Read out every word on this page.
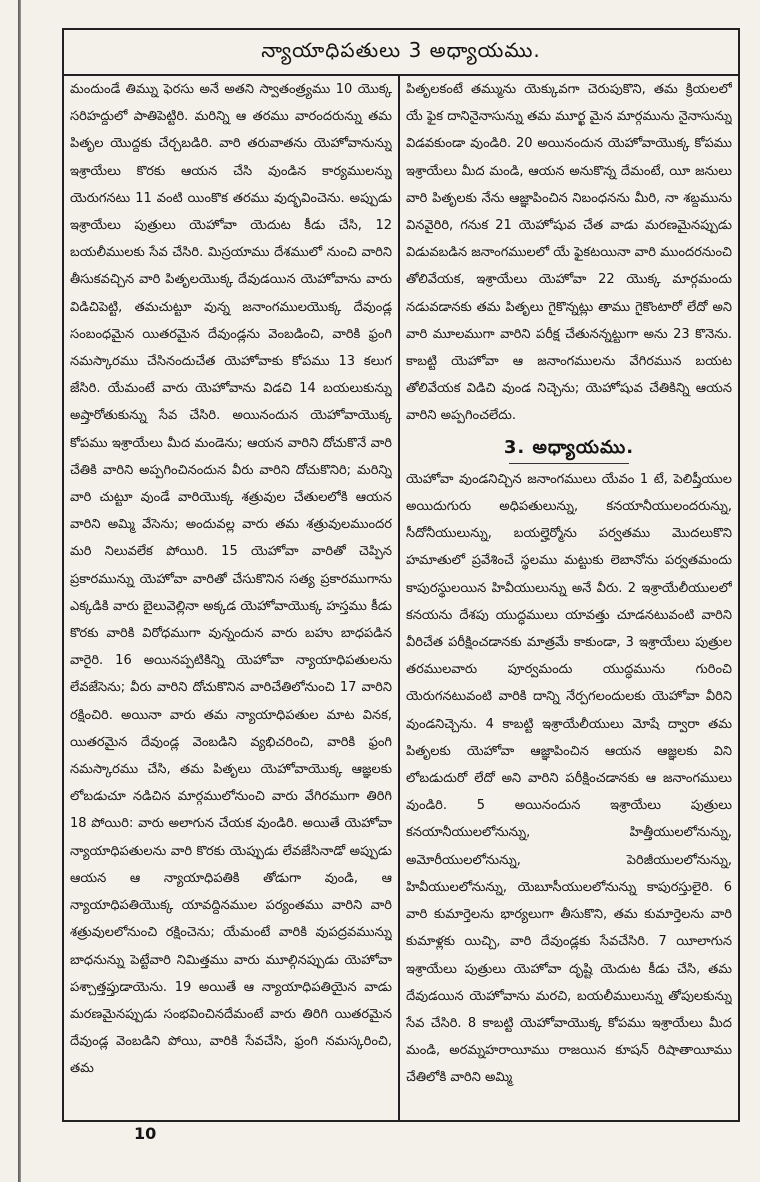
న్యాయాధిపతులు 3 అధ్యాయము.

మందుండే తిమ్ను ఫెరసు అనే అతని స్వాతంత్ర్యము 10 యొక్క సరిహద్దులో పాతిపెట్టిరి. మరిన్ని ఆ తరము వారందరున్ను తమ పితృల యొద్దకు చేర్చబడిరి. వారి తరువాతను యెహోవానున్ను ఇశ్రాయేలు కొరకు ఆయన చేసి వుండిన కార్యములన్ను యెరుగనటు 11 వంటి యింకొక తరము వుద్భవించెను. అప్పుడు ఇశ్రాయేలు పుత్రులు యెహోవా యెదుట కీడు చేసి, 12 బయలీములకు సేవ చేసిరి. మిస్రయాము దేశములో నుంచి వారిని తీసుకవచ్చిన వారి పితృలయొక్క దేవుడయిన యెహోవాను వారు విడిచిపెట్టి, తమచుట్టూ వున్న జనాంగములయొక్క దేవుండ్ల సంబంధమైన యితరమైన దేవుండ్లను వెంబడించి, వారికి ఫ్రంగి నమస్కారము చేసినందుచేత యెహోవాకు కోపము 13 కలుగ జేసిరి. యేమంటే వారు యెహోవాను విడచి 14 బయలుకున్ను అష్తారోతుకున్ను సేవ చేసిరి. అయినందున యెహోవాయొక్క కోపము ఇశ్రాయేలు మీద మండెను; ఆయన వారిని దోచుకొనే వారి చేతికి వారిని అప్పగించినందున వీరు వారిని దోచుకొనిరి; మరిన్ని వారి చుట్టూ వుండే వారియొక్క శత్రువుల చేతులలోకి ఆయన వారిని అమ్మి వేసెను; అందువల్ల వారు తమ శత్రువులముందర మరి నిలువలేక పోయిరి. 15 యెహోవా వారితో చెప్పిన ప్రకారమున్ను యెహోవా వారితో చేసుకొనిన సత్య ప్రకారముగాను ఎక్కడికి వారు బైలువెల్లినా అక్కడ యెహోవాయొక్క హస్తము కీడు కొరకు వారికి విరోధముగా వున్నందున వారు బహు బాధపడిన వారైరి. 16 అయినప్పటికిన్ని యెహోవా న్యాయాధిపతులను లేవజేసెను; వీరు వారిని దోచుకొనిన వారిచేతిలోనుంచి 17 వారిని రక్షించిరి. అయినా వారు తమ న్యాయాధిపతుల మాట వినక, యితరమైన దేవుండ్ల వెంబడిని వ్యభిచరించి, వారికి ఫ్రంగి నమస్కారము చేసి, తమ పితృలు యెహోవాయొక్క ఆజ్ఞలకు లోబడుచూ నడిచిన మార్గములోనుంచి వారు వేగిరముగా తిరిగి 18 పోయిరి: వారు అలాగున చేయక వుండిరి. అయితే యెహోవా న్యాయాధిపతులను వారి కొరకు యెప్పుడు లేవజేసినాడో అప్పుడు ఆయన ఆ న్యాయాధిపతికి తోడుగా వుండి, ఆ న్యాయాధిపతియొక్క యావద్దినముల పర్యంతము వారిని వారి శత్రువులలోనుంచి రక్షించెను; యేమంటే వారికి వుపద్రవమున్ను బాధనున్ను పెట్టేవారి నిమిత్తము వారు మూల్గినప్పుడు యెహోవా పశ్చాత్తప్తుడాయెను. 19 అయితే ఆ న్యాయాధిపతియైన వాడు మరణమైనప్పుడు సంభవించినదేమంటే వారు తిరిగి యితరమైన దేవుండ్ల వెంబడిని పోయి, వారికి సేవచేసి, ఫ్రంగి నమస్కరించి, తమ

పితృలకంటే తమ్మును యెక్కువగా చెరుపుకొని, తమ క్రియలలో యే ఫైక దానినైనాసున్ను తమ మూర్ఖ మైన మార్గమును నైనాసున్ను విడవకుండా వుండిరి. 20 అయినందున యెహోవాయొక్క కోపము ఇశ్రాయేలు మీద మండి, ఆయన అనుకొన్న దేమంటే, యీ జనులు వారి పితృలకు నేను ఆజ్ఞాపించిన నిబంధనను మీరి, నా శబ్దమును వినవైరిరి, గనుక 21 యెహోషువ చేత వాడు మరణమైనప్పుడు విడువబడిన జనాంగములలో యే ఫైకటయినా వారి ముందరనుంచి తోలివేయక, ఇశ్రాయేలు యెహోవా 22 యొక్క మార్గమందు నడువడానకు తమ పితృలు గైకొన్నట్లు తాము గైకొంటారో లేదో అని వారి మూలముగా వారిని పరీక్ష చేతునన్నట్టుగా అను 23 కొనెను. కాబట్టి యెహోవా ఆ జనాంగములను వేగిరమున బయట తోలివేయక విడిచి వుండ నిచ్చెను; యెహోషువ చేతికిన్ని ఆయన వారిని అప్పగించలేదు.

3. అధ్యాయము.

యెహోవా వుండనిచ్చిన జనాంగములు యేవం 1 టే, పెలిష్తీయుల అయిదుగురు అధిపతులున్ను, కనయానీయులందరున్ను, సీదోనీయులున్ను, బయల్హెర్మోను పర్వతము మొదలుకొని హమాతులో ప్రవేశించే స్థలము మట్టుకు లెబానోను పర్వతమందు కాపురస్థులయిన హివీయులున్ను అనే వీరు. 2 ఇశ్రాయేలీయులలో కనయను దేశపు యుద్ధములు యావత్తు చూడనటువంటి వారిని వీరిచేత పరీక్షించడానకు మాత్రమే కాకుండా, 3 ఇశ్రాయేలు పుత్రుల తరములవారు పూర్వమందు యుద్ధమును గురించి యెరుగనటువంటి వారికి దాన్ని నేర్పగలందులకు యెహోవా వీరిని వుండనిచ్చెను. 4 కాబట్టి ఇశ్రాయేలీయులు మోషే ద్వారా తమ పితృలకు యెహోవా ఆజ్ఞాపించిన ఆయన ఆజ్ఞలకు విని లోబడుదురో లేదో అని వారిని పరీక్షించడానకు ఆ జనాంగములు వుండిరి. 5 అయినందున ఇశ్రాయేలు పుత్రులు కనయానీయులలోనున్ను, హిత్తీయులలోనున్ను, అమోరీయులలోనున్ను, పెరిజీయులలోనున్ను, హివీయులలోనున్ను, యెబూసీయులలోనున్ను కాపురస్తులైరి. 6 వారి కుమార్తెలను భార్యలుగా తీసుకొని, తమ కుమార్తెలను వారి కుమాళ్లకు యిచ్చి, వారి దేవుండ్లకు సేవచేసిరి. 7 యీలాగున ఇశ్రాయేలు పుత్రులు యెహోవా దృష్టి యెదుట కీడు చేసి, తమ దేవుడయిన యెహోవాను మరచి, బయలీములున్ను తోపులకున్ను సేవ చేసిరి. 8 కాబట్టి యెహోవాయొక్క కోపము ఇశ్రాయేలు మీద మండి, అరమ్నహరాయీము రాజయిన కూషన్ రిషాతాయీము చేతిలోకి వారిని అమ్మి

10
